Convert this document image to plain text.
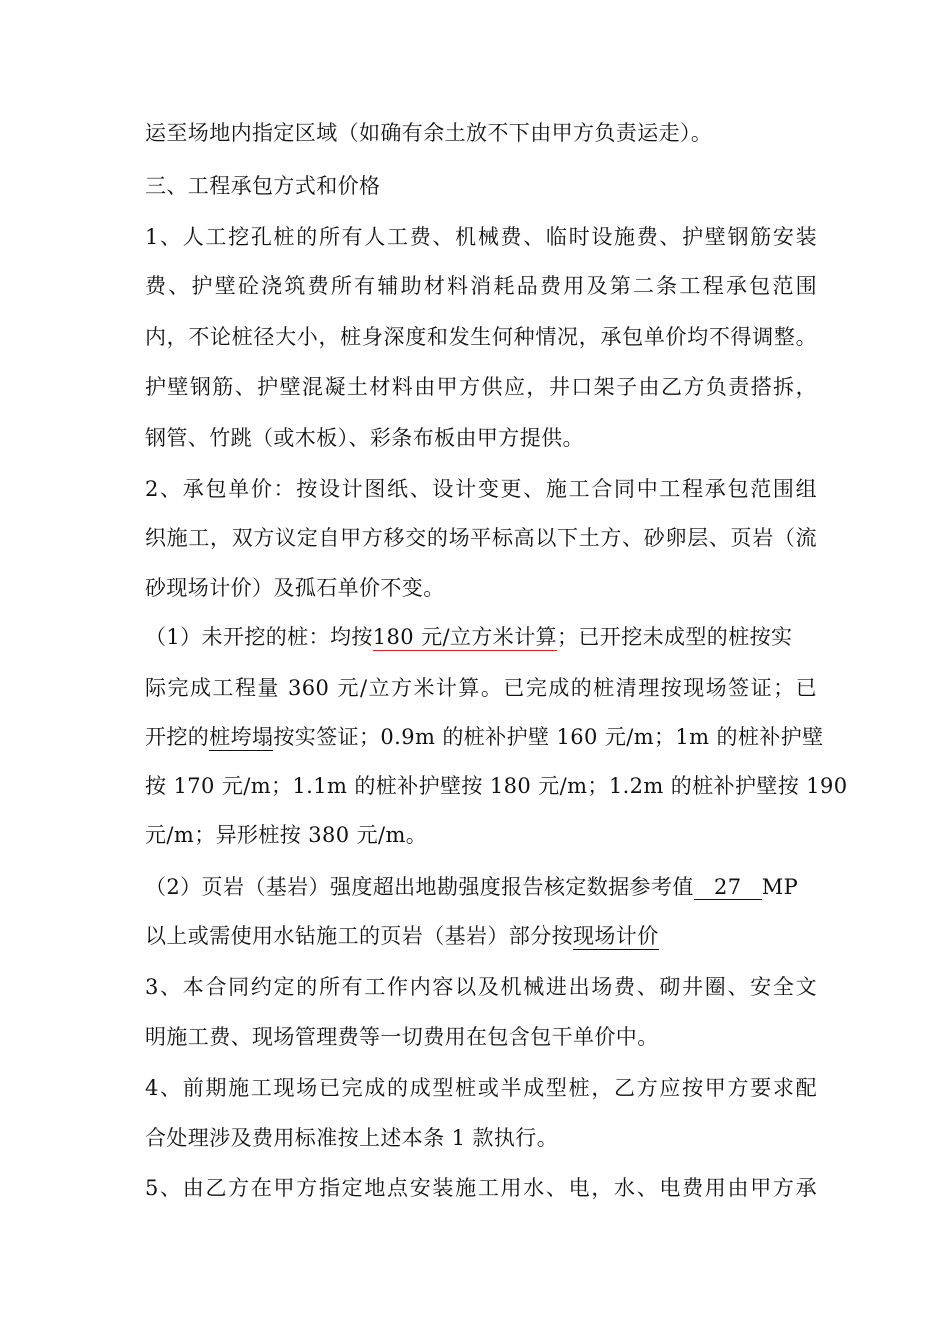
运至场地内指定区域（如确有余土放不下由甲方负责运走）。
三、工程承包方式和价格
1、人工挖孔桩的所有人工费、机械费、临时设施费、护壁钢筋安装
费、护壁砼浇筑费所有辅助材料消耗品费用及第二条工程承包范围
内，不论桩径大小，桩身深度和发生何种情况，承包单价均不得调整。
护壁钢筋、护壁混凝土材料由甲方供应，井口架子由乙方负责搭拆，
钢管、竹跳（或木板）、彩条布板由甲方提供。
2、承包单价：按设计图纸、设计变更、施工合同中工程承包范围组
织施工，双方议定自甲方移交的场平标高以下土方、砂卵层、页岩（流
砂现场计价）及孤石单价不变。
（1）未开挖的桩：均按180 元/立方米计算；已开挖未成型的桩按实
际完成工程量 360 元/立方米计算。已完成的桩清理按现场签证；已
开挖的桩垮塌按实签证；0.9m 的桩补护壁 160 元/m；1m 的桩补护壁
按 170 元/m；1.1m 的桩补护壁按 180 元/m；1.2m 的桩补护壁按 190
元/m；异形桩按 380 元/m。
（2）页岩（基岩）强度超出地勘强度报告核定数据参考值 27 MP
以上或需使用水钻施工的页岩（基岩）部分按现场计价
3、本合同约定的所有工作内容以及机械进出场费、砌井圈、安全文
明施工费、现场管理费等一切费用在包含包干单价中。
4、前期施工现场已完成的成型桩或半成型桩，乙方应按甲方要求配
合处理涉及费用标准按上述本条 1 款执行。
5、由乙方在甲方指定地点安装施工用水、电，水、电费用由甲方承
